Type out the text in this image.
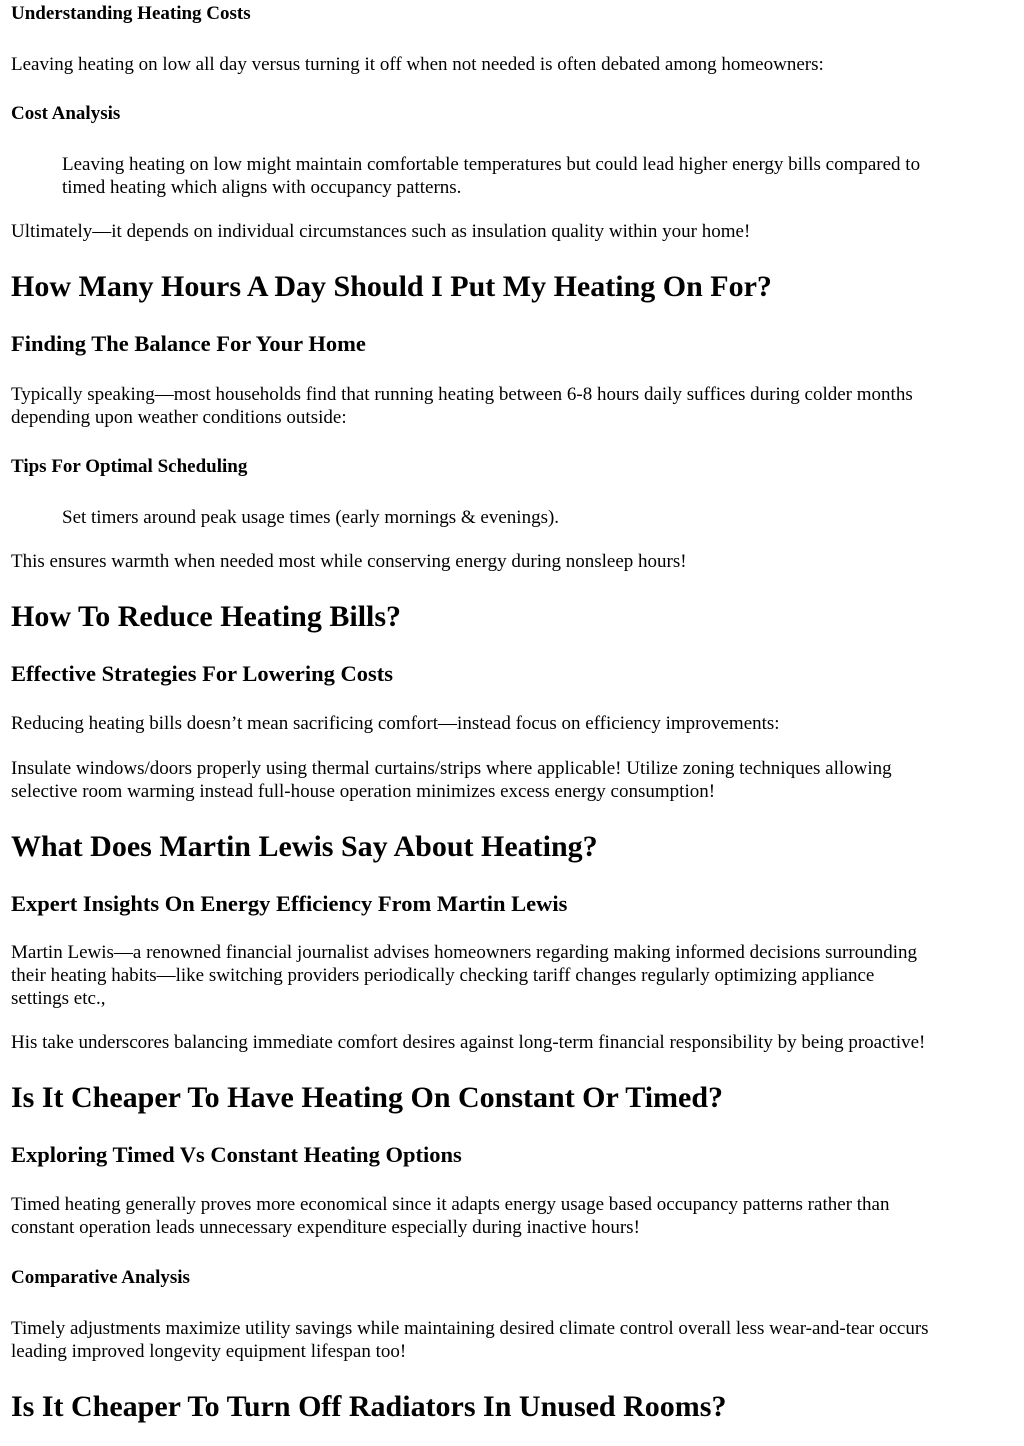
Understanding Heating Costs

Leaving heating on low all day versus turning it off when not needed is often debated among homeowners:

Cost Analysis

Leaving heating on low might maintain comfortable temperatures but could lead higher energy bills compared to

timed heating which aligns with occupancy patterns.

Ultimately—it depends on individual circumstances such as insulation quality within your home!

How Many Hours A Day Should I Put My Heating On For?
Finding The Balance For Your Home

Typically speaking—most households find that running heating between 6-8 hours daily suffices during colder months

depending upon weather conditions outside:

Tips For Optimal Scheduling

Set timers around peak usage times (early mornings & evenings).

This ensures warmth when needed most while conserving energy during nonsleep hours!

How To Reduce Heating Bills?
Effective Strategies For Lowering Costs

Reducing heating bills doesn’t mean sacrificing comfort—instead focus on efficiency improvements:

Insulate windows/doors properly using thermal curtains/strips where applicable! Utilize zoning techniques allowing

selective room warming instead full-house operation minimizes excess energy consumption!

What Does Martin Lewis Say About Heating?
Expert Insights On Energy Efficiency From Martin Lewis

Martin Lewis—a renowned financial journalist advises homeowners regarding making informed decisions surrounding

their heating habits—like switching providers periodically checking tariff changes regularly optimizing appliance

settings etc.,

His take underscores balancing immediate comfort desires against long-term financial responsibility by being proactive!

Is It Cheaper To Have Heating On Constant Or Timed?
Exploring Timed Vs Constant Heating Options

Timed heating generally proves more economical since it adapts energy usage based occupancy patterns rather than

constant operation leads unnecessary expenditure especially during inactive hours!

Comparative Analysis

Timely adjustments maximize utility savings while maintaining desired climate control overall less wear-and-tear occurs

leading improved longevity equipment lifespan too!

Is It Cheaper To Turn Off Radiators In Unused Rooms?
